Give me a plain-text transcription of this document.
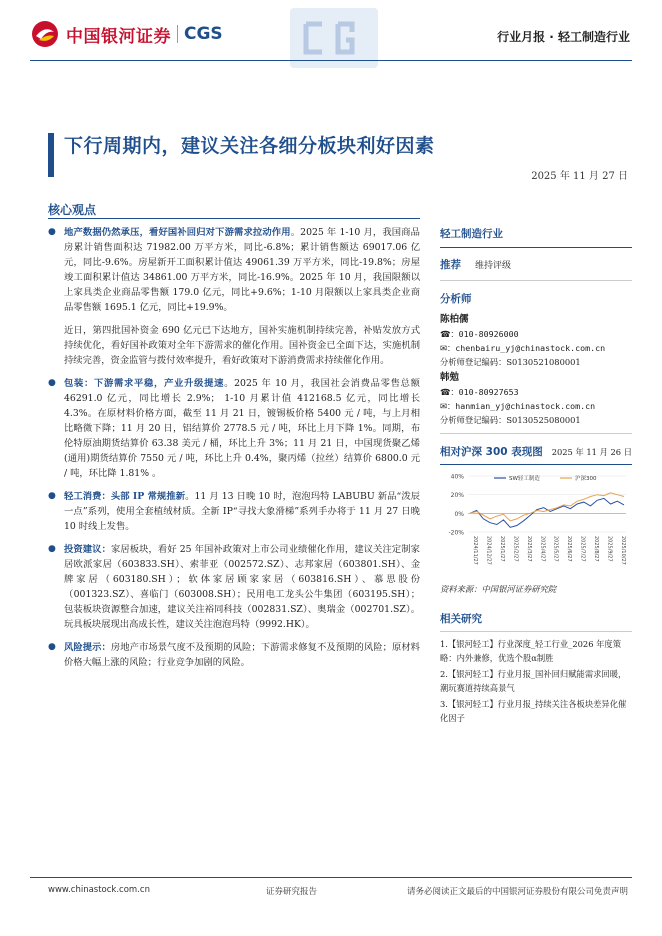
中国银河证券 CGS	行业月报 · 轻工制造行业
下行周期内，建议关注各细分板块利好因素
2025 年 11 月 27 日
核心观点
● 地产数据仍然承压，看好国补回归对下游需求拉动作用。2025 年 1-10 月，我国商品房累计销售面积达 71982.00 万平方米，同比-6.8%；累计销售额达 69017.06 亿元，同比-9.6%。房屋新开工面积累计值达 49061.39 万平方米，同比-19.8%；房屋竣工面积累计值达 34861.00 万平方米，同比-16.9%。2025 年 10 月，我国限额以上家具类企业商品零售额 179.0 亿元，同比+9.6%；1-10 月限额以上家具类企业商品零售额 1695.1 亿元，同比+19.9%。

近日，第四批国补资金 690 亿元已下达地方，国补实施机制持续完善，补贴发放方式持续优化，看好国补政策对全年下游需求的催化作用。国补资金已全面下达，实施机制持续完善，资金监管与拨付效率提升，看好政策对下游消费需求持续催化作用。

● 包装：下游需求平稳，产业升级提速。2025 年 10 月，我国社会消费品零售总额 46291.0 亿元，同比增长 2.9%； 1-10 月累计值 412168.5 亿元，同比增长 4.3%。在原材料价格方面，截至 11 月 21 日，镀锡板价格 5400 元 / 吨，与上月相比略微下降；11 月 20 日，铝结算价 2778.5 元 / 吨，环比上月下降 1%。同期，布伦特原油期货结算价 63.38 美元 / 桶，环比上升 3%；11 月 21 日，中国现货聚乙烯(通用)期货结算价 7550 元 / 吨，环比上升 0.4%，聚丙烯（拉丝）结算价 6800.0 元 / 吨，环比降 1.81% 。
● 轻工消费：头部 IP 常规推新。11 月 13 日晚 10 时，泡泡玛特 LABUBU 新品“泼辰一点”系列，使用全套植绒材质。全新 IP“寻找大象滑梯”系列手办将于 11 月 27 日晚 10 时线上发售。
● 投资建议：家居板块，看好 25 年国补政策对上市公司业绩催化作用，建议关注定制家居欧派家居（603833.SH）、索菲亚（002572.SZ）、志邦家居（603801.SH）、金牌家居（603180.SH）；软体家居顾家家居（603816.SH）、慕思股份（001323.SZ）、喜临门（603008.SH）；民用电工龙头公牛集团（603195.SH）；包装板块资源整合加速，建议关注裕同科技（002831.SZ）、奥瑞金（002701.SZ）。玩具板块展现出高成长性，建议关注泡泡玛特（9992.HK）。
● 风险提示：房地产市场景气度不及预期的风险；下游需求修复不及预期的风险；原材料价格大幅上涨的风险；行业竞争加剧的风险。
轻工制造行业
推荐 维持评级
分析师
陈柏儒
☎：010-80926000
✉：chenbairu_yj@chinastock.com.cn
分析师登记编码：S0130521080001
韩勉
☎：010-80927653
✉：hanmian_yj@chinastock.com.cn
分析师登记编码：S0130525080001
相对沪深 300 表现图 2025 年 11 月 26 日
40%
20%
0%
-20%
2024/11/27 2024/12/27 2025/1/27 2025/2/27 2025/3/27 2025/4/27 2025/5/27 2025/6/27 2025/7/27 2025/8/27 2025/9/27 2025/10/27
SW轻工制造	沪深300
资料来源：中国银河证券研究院
相关研究
1.【银河轻工】行业深度_轻工行业_2026 年度策略：内外兼修，优选个股α制胜
2.【银河轻工】行业月报_国补回归赋能需求回暖，潮玩赛道持续高景气
3.【银河轻工】行业月报_持续关注各板块差异化催化因子
www.chinastock.com.cn	证券研究报告	请务必阅读正文最后的中国银河证券股份有限公司免责声明
